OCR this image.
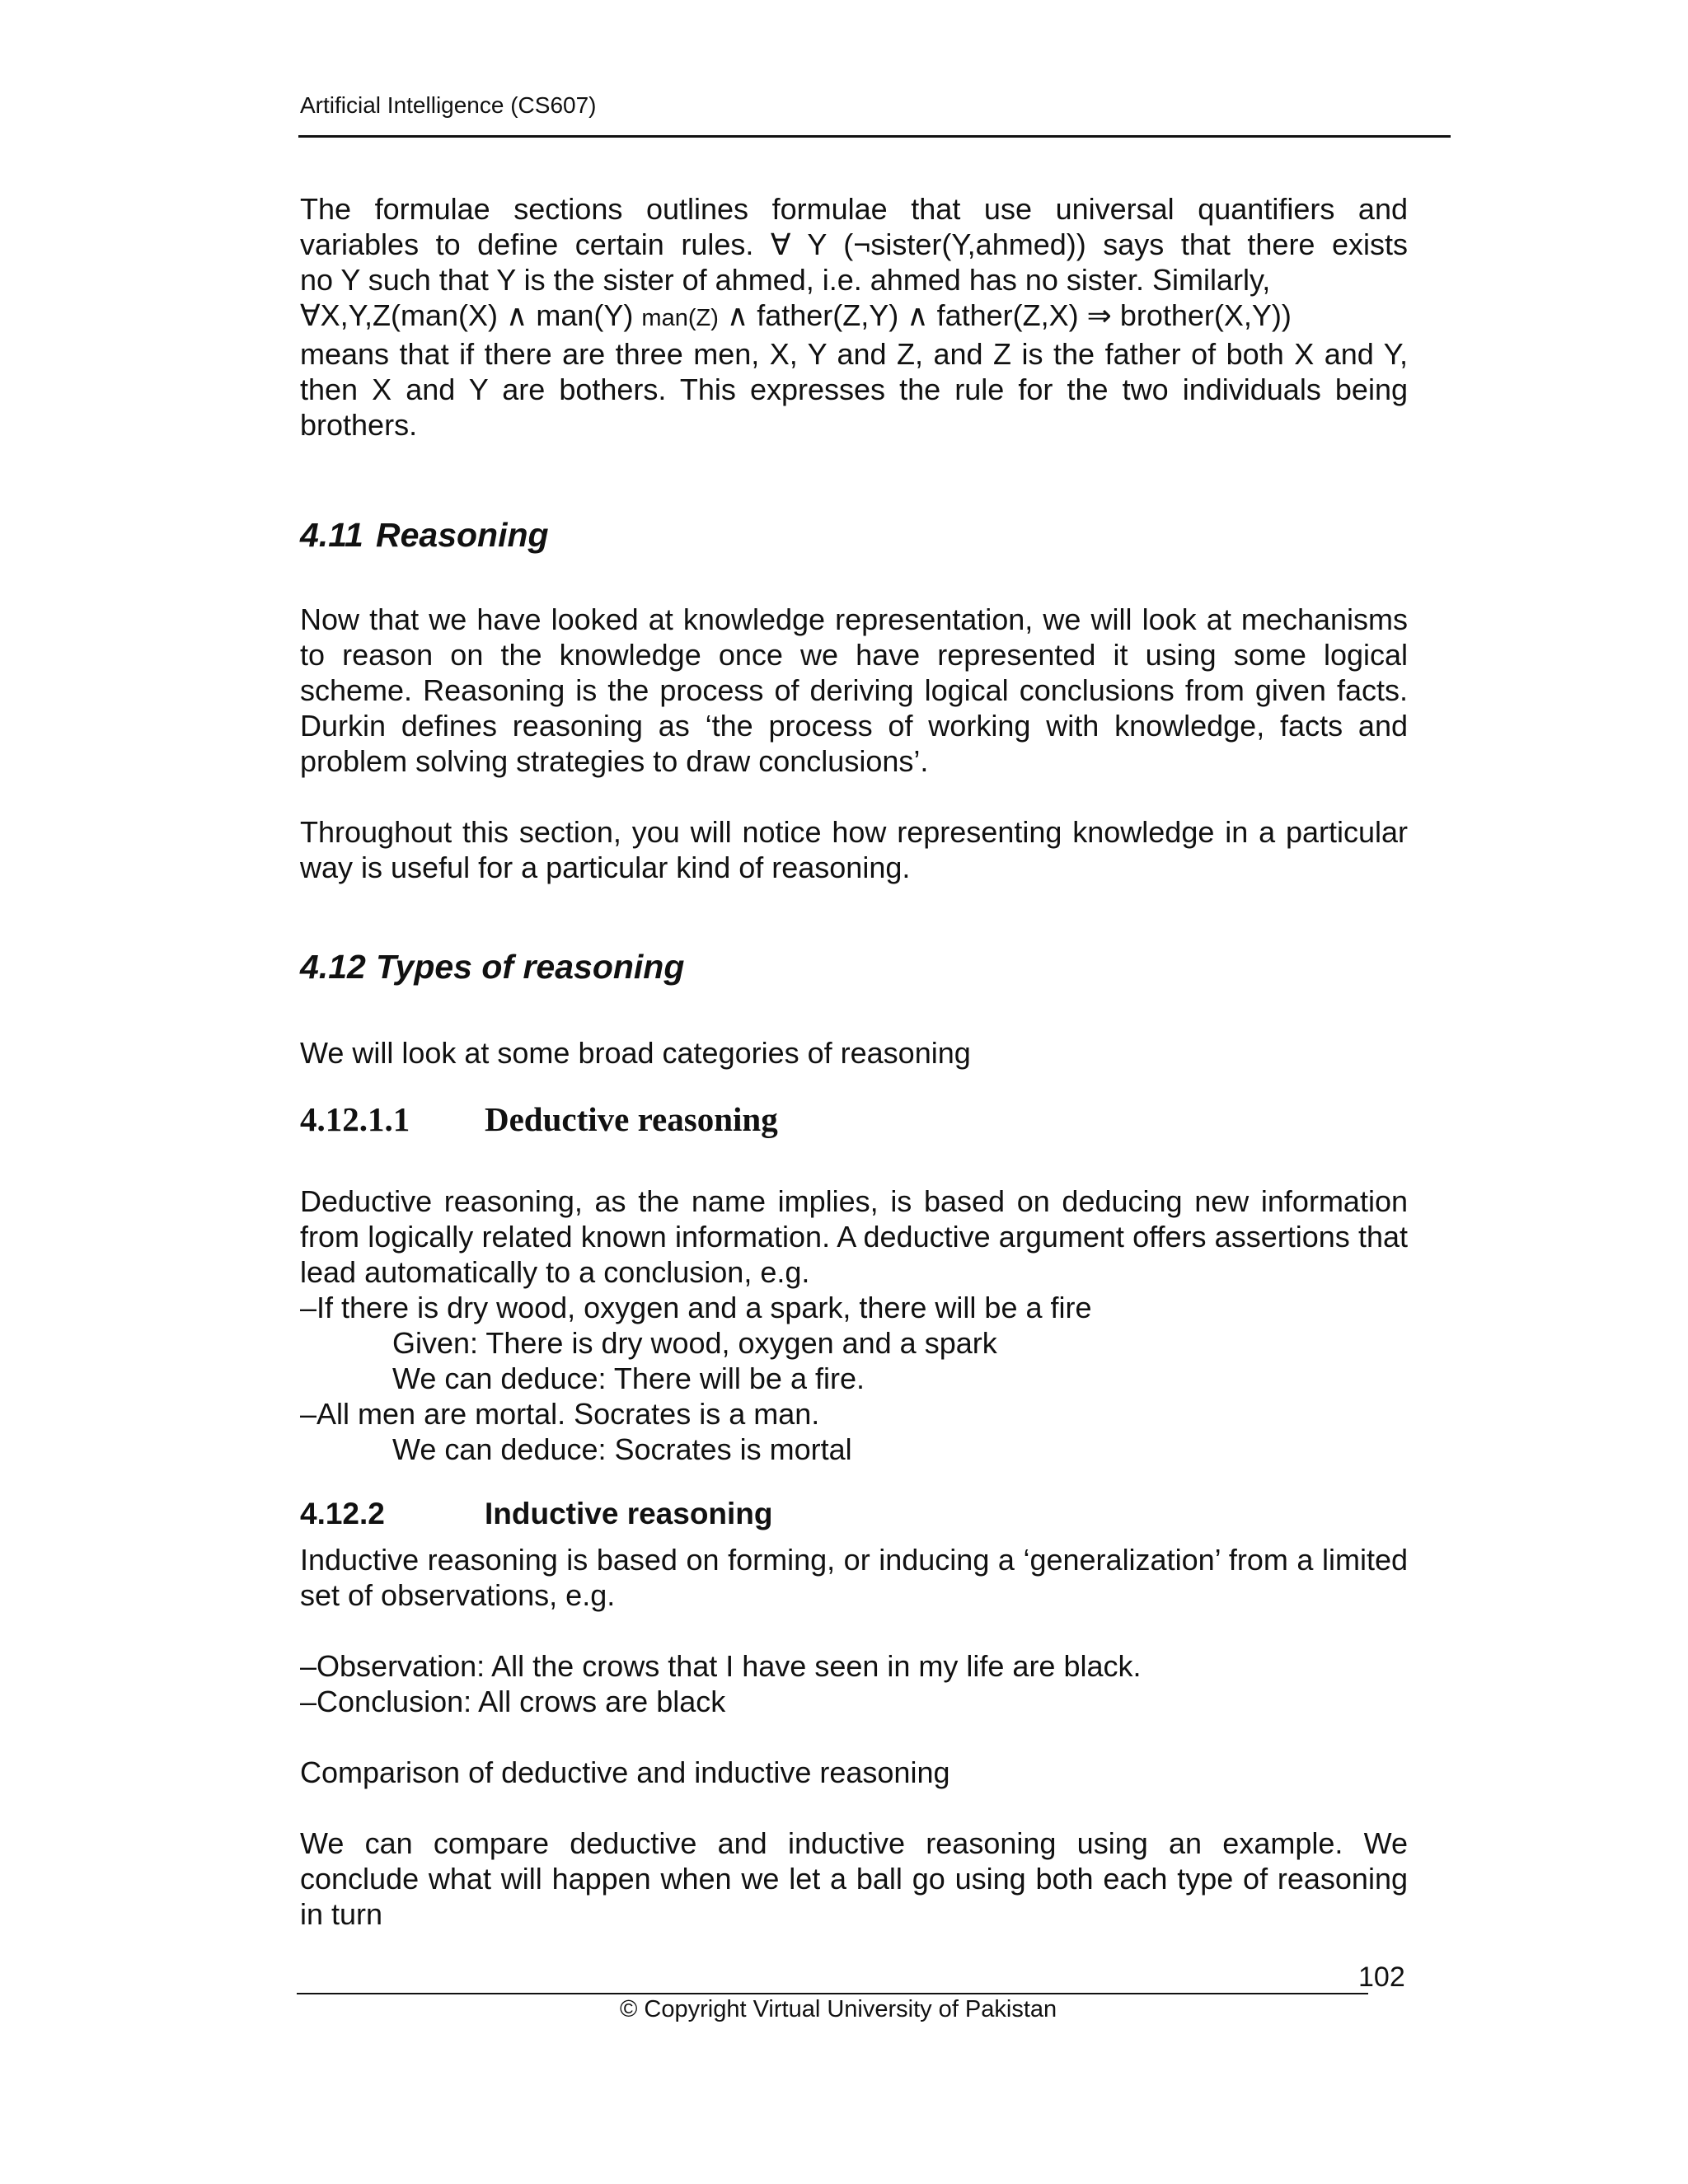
Artificial Intelligence (CS607)
The formulae sections outlines formulae that use universal quantifiers and
variables to define certain rules. ∀ Y (¬sister(Y,ahmed)) says that there exists
no Y such that Y is the sister of ahmed, i.e. ahmed has no sister. Similarly,
∀X,Y,Z(man(X) ∧ man(Y) man(Z) ∧ father(Z,Y) ∧ father(Z,X) ⇒ brother(X,Y))
means that if there are three men, X, Y and Z, and Z is the father of both X and Y, then X and Y are bothers. This expresses the rule for the two individuals being brothers.
4.11 Reasoning
Now that we have looked at knowledge representation, we will look at mechanisms to reason on the knowledge once we have represented it using some logical scheme. Reasoning is the process of deriving logical conclusions from given facts. Durkin defines reasoning as ‘the process of working with knowledge, facts and problem solving strategies to draw conclusions’.
Throughout this section, you will notice how representing knowledge in a particular way is useful for a particular kind of reasoning.
4.12 Types of reasoning
We will look at some broad categories of reasoning
4.12.1.1 Deductive reasoning
Deductive reasoning, as the name implies, is based on deducing new information from logically related known information. A deductive argument offers assertions that lead automatically to a conclusion, e.g.
–If there is dry wood, oxygen and a spark, there will be a fire
Given: There is dry wood, oxygen and a spark
We can deduce: There will be a fire.
–All men are mortal. Socrates is a man.
We can deduce: Socrates is mortal
4.12.2	Inductive reasoning
Inductive reasoning is based on forming, or inducing a ‘generalization’ from a limited set of observations, e.g.
–Observation: All the crows that I have seen in my life are black.
–Conclusion: All crows are black
Comparison of deductive and inductive reasoning
We can compare deductive and inductive reasoning using an example. We conclude what will happen when we let a ball go using both each type of reasoning in turn
102
© Copyright Virtual University of Pakistan
